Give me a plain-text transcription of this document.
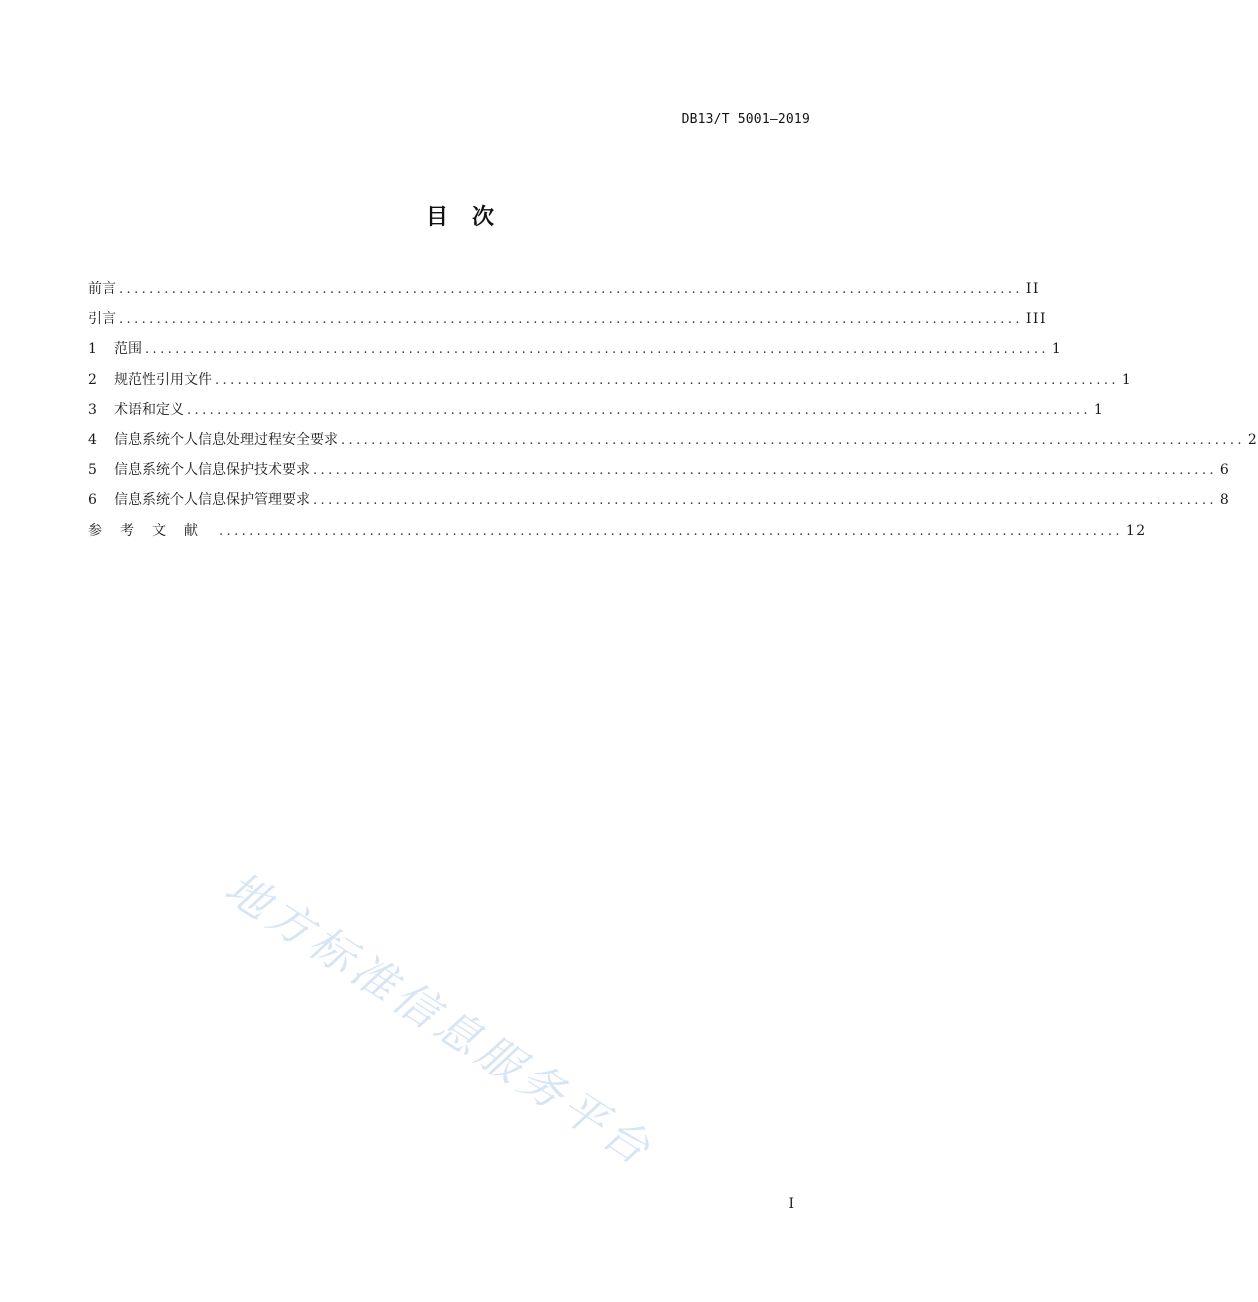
DB13/T 5001—2019
目 次
前言 ........................................................................................................................ II
引言 ........................................................................................................................ III
1	范围 ........................................................................................................................ 1
2	规范性引用文件 ........................................................................................................................ 1
3	术语和定义 ........................................................................................................................ 1
4	信息系统个人信息处理过程安全要求 ........................................................................................................................ 2
5	信息系统个人信息保护技术要求 ........................................................................................................................ 6
6	信息系统个人信息保护管理要求 ........................................................................................................................ 8
参考文献 ........................................................................................................................ 12
地方标准信息服务平台
I
